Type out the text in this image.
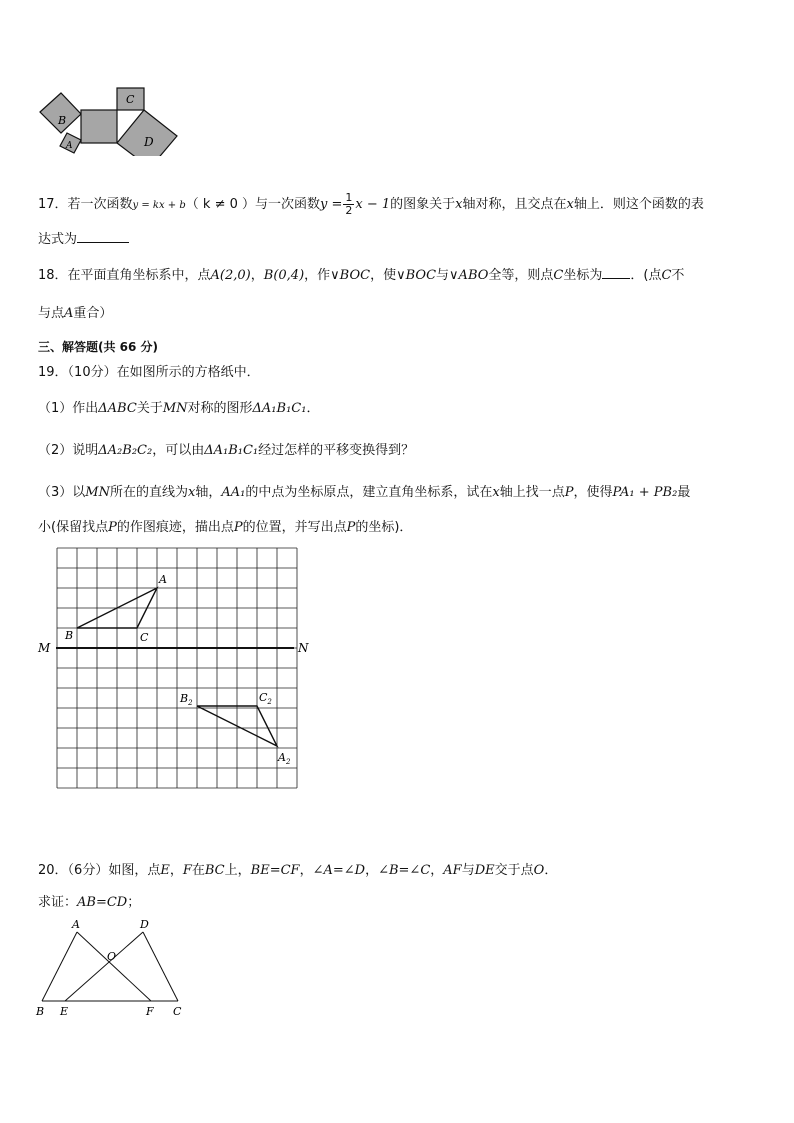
B
C
A	D
17．若一次函数y = kx + b（ k ≠ 0 ）与一次函数$y = \frac{1}{2}$ x − 1的图象关于x轴对称，且交点在x轴上．则这个函数的表
达式为
18．在平面直角坐标系中，点A(2,0)，B(0,4)，作∨BOC，使∨BOC与∨ABO全等，则点C坐标为 ．(点C不
与点A重合）
三、解答题(共 66 分)
19．（10分）在如图所示的方格纸中．
（1）作出ΔABC关于MN对称的图形ΔA₁B₁C₁．
（2）说明ΔA₂B₂C₂，可以由ΔA₁B₁C₁经过怎样的平移变换得到？
（3）以MN所在的直线为x轴，AA₁的中点为坐标原点，建立直角坐标系，试在x轴上找一点P，使得PA₁ + PB₂最
小(保留找点P的作图痕迹，描出点P的位置，并写出点P的坐标)．
A
B	C
M	N
$B_2$	$C_2$
$A_2$
20．（6分）如图，点E，F在BC上，BE=CF，∠A=∠D，∠B=∠C，AF与DE交于点O．
求证：AB=CD；
A	D
O
B E	F C
